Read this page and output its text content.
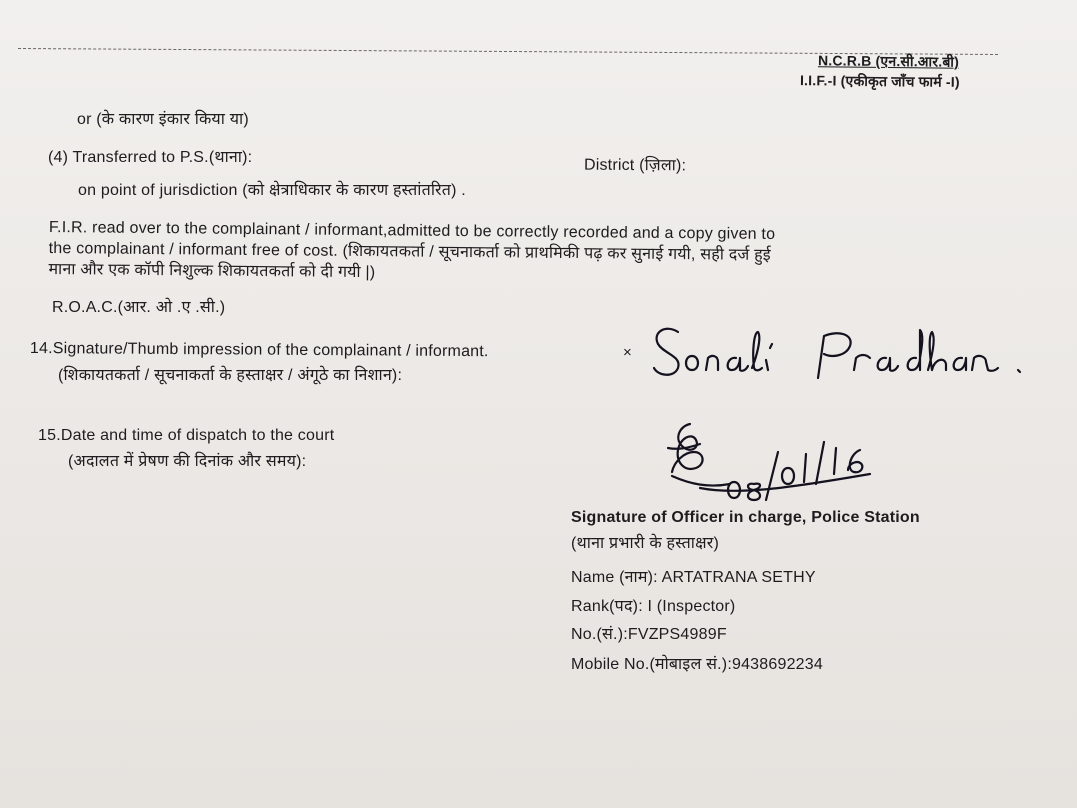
N.C.R.B (एन.सी.आर.बी)
I.I.F.-I (एकीकृत जाँच फार्म -I)
or (के कारण इंकार किया या)
(4) Transferred to P.S.(थाना):	District (ज़िला):
on point of jurisdiction (को क्षेत्राधिकार के कारण हस्तांतरित) .
F.I.R. read over to the complainant / informant,admitted to be correctly recorded and a copy given to
the complainant / informant free of cost. (शिकायतकर्ता / सूचनाकर्ता को प्राथमिकी पढ़ कर सुनाई गयी, सही दर्ज हुई
माना और एक कॉपी निशुल्क शिकायतकर्ता को दी गयी |)
R.O.A.C.(आर. ओ .ए .सी.)
14.Signature/Thumb impression of the complainant / informant.
(शिकायतकर्ता / सूचनाकर्ता के हस्ताक्षर / अंगूठे का निशान):
×
15.Date and time of dispatch to the court
(अदालत में प्रेषण की दिनांक और समय):
Signature of Officer in charge, Police Station
(थाना प्रभारी के हस्ताक्षर)
Name (नाम): ARTATRANA SETHY
Rank(पद): I (Inspector)
No.(सं.):FVZPS4989F
Mobile No.(मोबाइल सं.):9438692234
